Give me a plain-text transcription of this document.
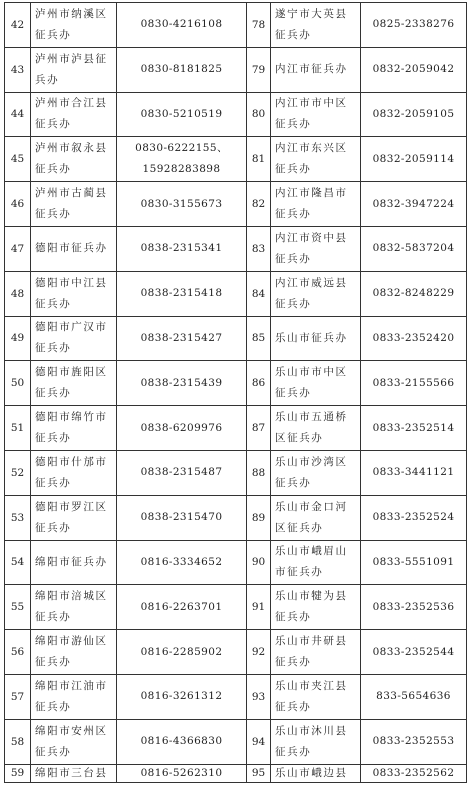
42	泸州市纳溪区征兵办	0830-4216108	78	遂宁市大英县征兵办	0825-2338276
43	泸州市泸县征兵办	0830-8181825	79	内江市征兵办	0832-2059042
44	泸州市合江县征兵办	0830-5210519	80	内江市市中区征兵办	0832-2059105
45	泸州市叙永县征兵办	0830-6222155、15928283898	81	内江市东兴区征兵办	0832-2059114
46	泸州市古蔺县征兵办	0830-3155673	82	内江市隆昌市征兵办	0832-3947224
47	德阳市征兵办	0838-2315341	83	内江市资中县征兵办	0832-5837204
48	德阳市中江县征兵办	0838-2315418	84	内江市威远县征兵办	0832-8248229
49	德阳市广汉市征兵办	0838-2315427	85	乐山市征兵办	0833-2352420
50	德阳市旌阳区征兵办	0838-2315439	86	乐山市市中区征兵办	0833-2155566
51	德阳市绵竹市征兵办	0838-6209976	87	乐山市五通桥区征兵办	0833-2352514
52	德阳市什邡市征兵办	0838-2315487	88	乐山市沙湾区征兵办	0833-3441121
53	德阳市罗江区征兵办	0838-2315470	89	乐山市金口河区征兵办	0833-2352524
54	绵阳市征兵办	0816-3334652	90	乐山市峨眉山市征兵办	0833-5551091
55	绵阳市涪城区征兵办	0816-2263701	91	乐山市犍为县征兵办	0833-2352536
56	绵阳市游仙区征兵办	0816-2285902	92	乐山市井研县征兵办	0833-2352544
57	绵阳市江油市征兵办	0816-3261312	93	乐山市夹江县征兵办	833-5654636
58	绵阳市安州区征兵办	0816-4366830	94	乐山市沐川县征兵办	0833-2352553
59	绵阳市三台县	0816-5262310	95	乐山市峨边县	0833-2352562
